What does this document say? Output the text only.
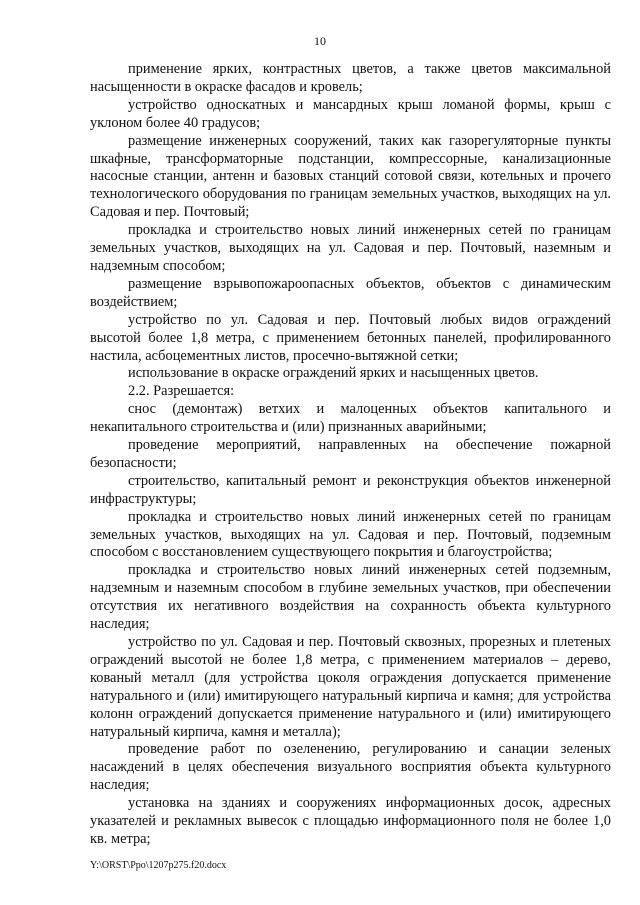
10

применение ярких, контрастных цветов, а также цветов максимальной насыщенности в окраске фасадов и кровель;

устройство односкатных и мансардных крыш ломаной формы, крыш с уклоном более 40 градусов;

размещение инженерных сооружений, таких как газорегуляторные пункты шкафные, трансформаторные подстанции, компрессорные, канализационные насосные станции, антенн и базовых станций сотовой связи, котельных и прочего технологического оборудования по границам земельных участков, выходящих на ул. Садовая и пер. Почтовый;

прокладка и строительство новых линий инженерных сетей по границам земельных участков, выходящих на ул. Садовая и пер. Почтовый, наземным и надземным способом;

размещение взрывопожароопасных объектов, объектов с динамическим воздействием;

устройство по ул. Садовая и пер. Почтовый любых видов ограждений высотой более 1,8 метра, с применением бетонных панелей, профилированного настила, асбоцементных листов, просечно-вытяжной сетки;

использование в окраске ограждений ярких и насыщенных цветов.

2.2. Разрешается:

снос (демонтаж) ветхих и малоценных объектов капитального и некапитального строительства и (или) признанных аварийными;

проведение мероприятий, направленных на обеспечение пожарной безопасности;

строительство, капитальный ремонт и реконструкция объектов инженерной инфраструктуры;

прокладка и строительство новых линий инженерных сетей по границам земельных участков, выходящих на ул. Садовая и пер. Почтовый, подземным способом с восстановлением существующего покрытия и благоустройства;

прокладка и строительство новых линий инженерных сетей подземным, надземным и наземным способом в глубине земельных участков, при обеспечении отсутствия их негативного воздействия на сохранность объекта культурного наследия;

устройство по ул. Садовая и пер. Почтовый сквозных, прорезных и плетеных ограждений высотой не более 1,8 метра, с применением материалов – дерево, кованый металл (для устройства цоколя ограждения допускается применение натурального и (или) имитирующего натуральный кирпича и камня; для устройства колонн ограждений допускается применение натурального и (или) имитирующего натуральный кирпича, камня и металла);

проведение работ по озеленению, регулированию и санации зеленых насаждений в целях обеспечения визуального восприятия объекта культурного наследия;

установка на зданиях и сооружениях информационных досок, адресных указателей и рекламных вывесок с площадью информационного поля не более 1,0 кв. метра;

Y:\ORST\Ppo\1207p275.f20.docx
